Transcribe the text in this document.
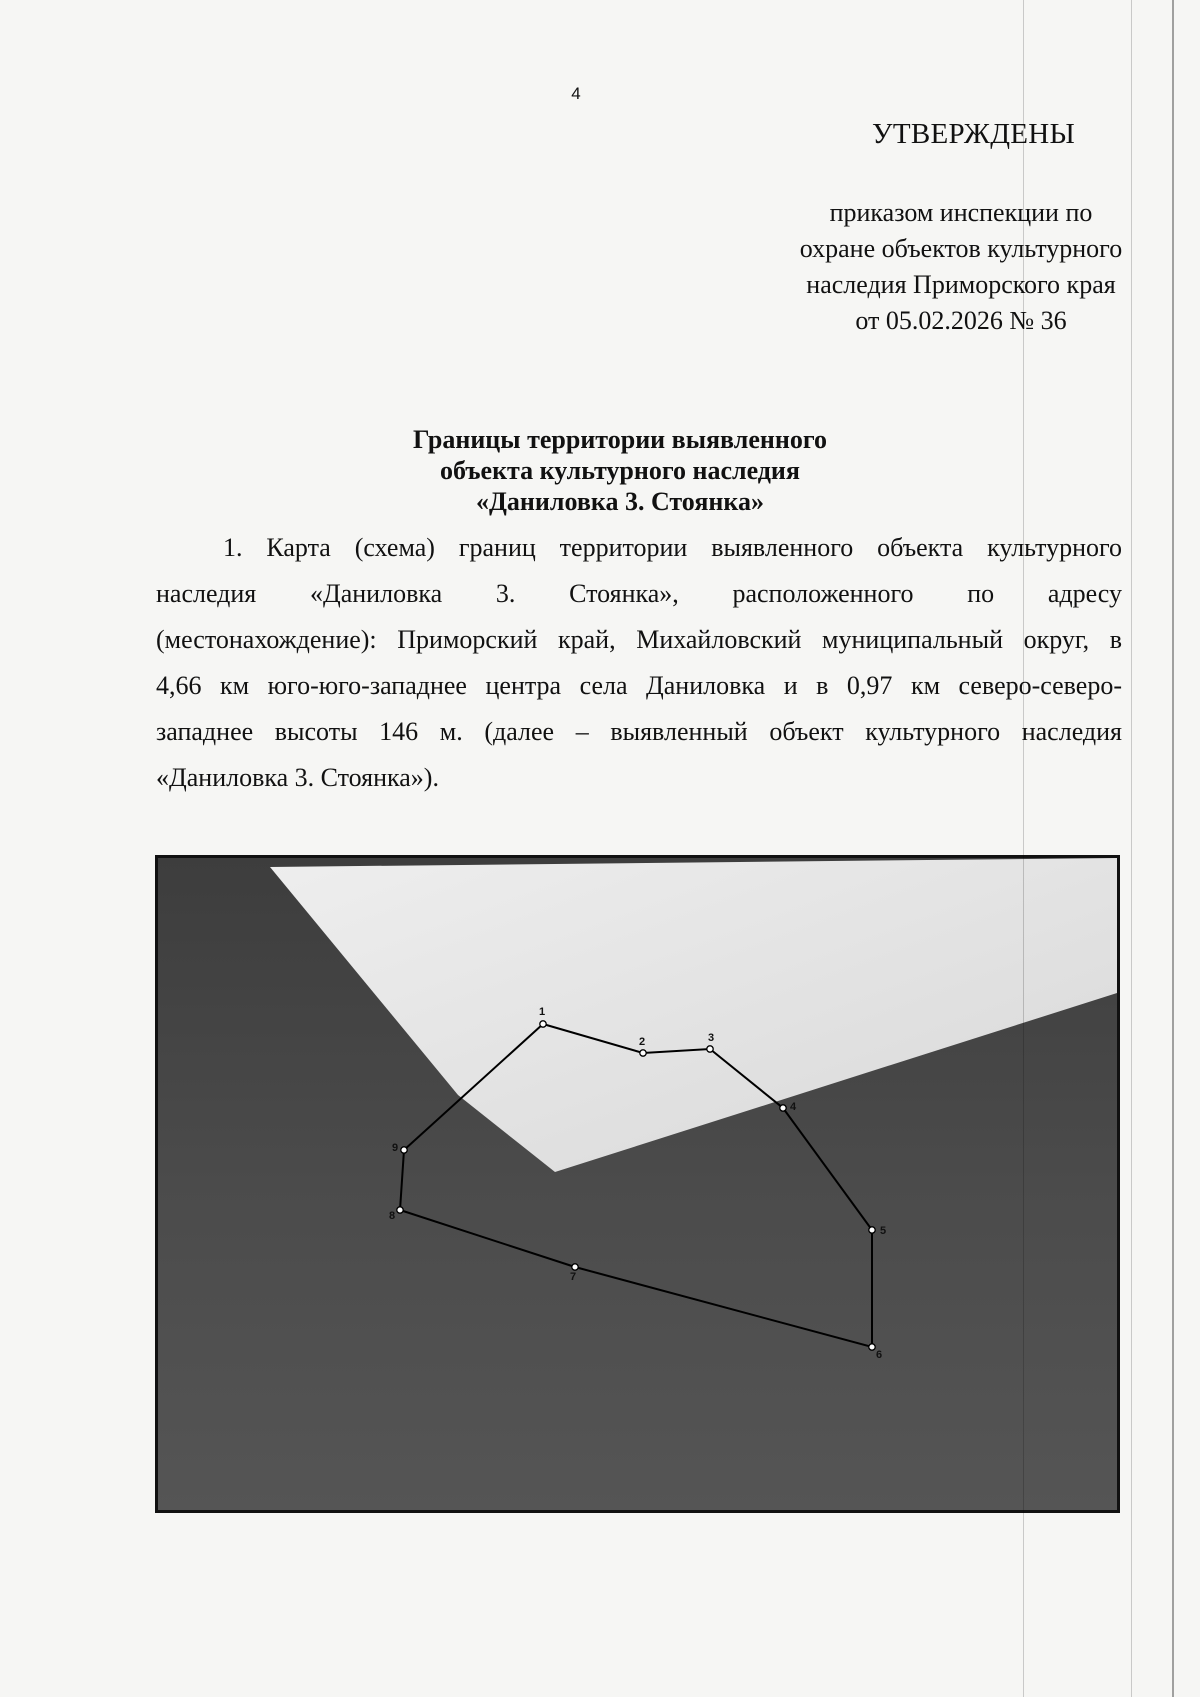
4
УТВЕРЖДЕНЫ
приказом инспекции по
охране объектов культурного
наследия Приморского края
от 05.02.2026 № 36
Границы территории выявленного
объекта культурного наследия
«Даниловка 3. Стоянка»
1. Карта (схема) границ территории выявленного объекта культурного
наследия «Даниловка 3. Стоянка», расположенного по адресу
(местонахождение): Приморский край, Михайловский муниципальный округ, в
4,66 км юго-юго-западнее центра села Даниловка и в 0,97 км северо-северо-
западнее высоты 146 м. (далее – выявленный объект культурного наследия
«Даниловка 3. Стоянка»).
1
2	3
4
5
6
7
8
9
